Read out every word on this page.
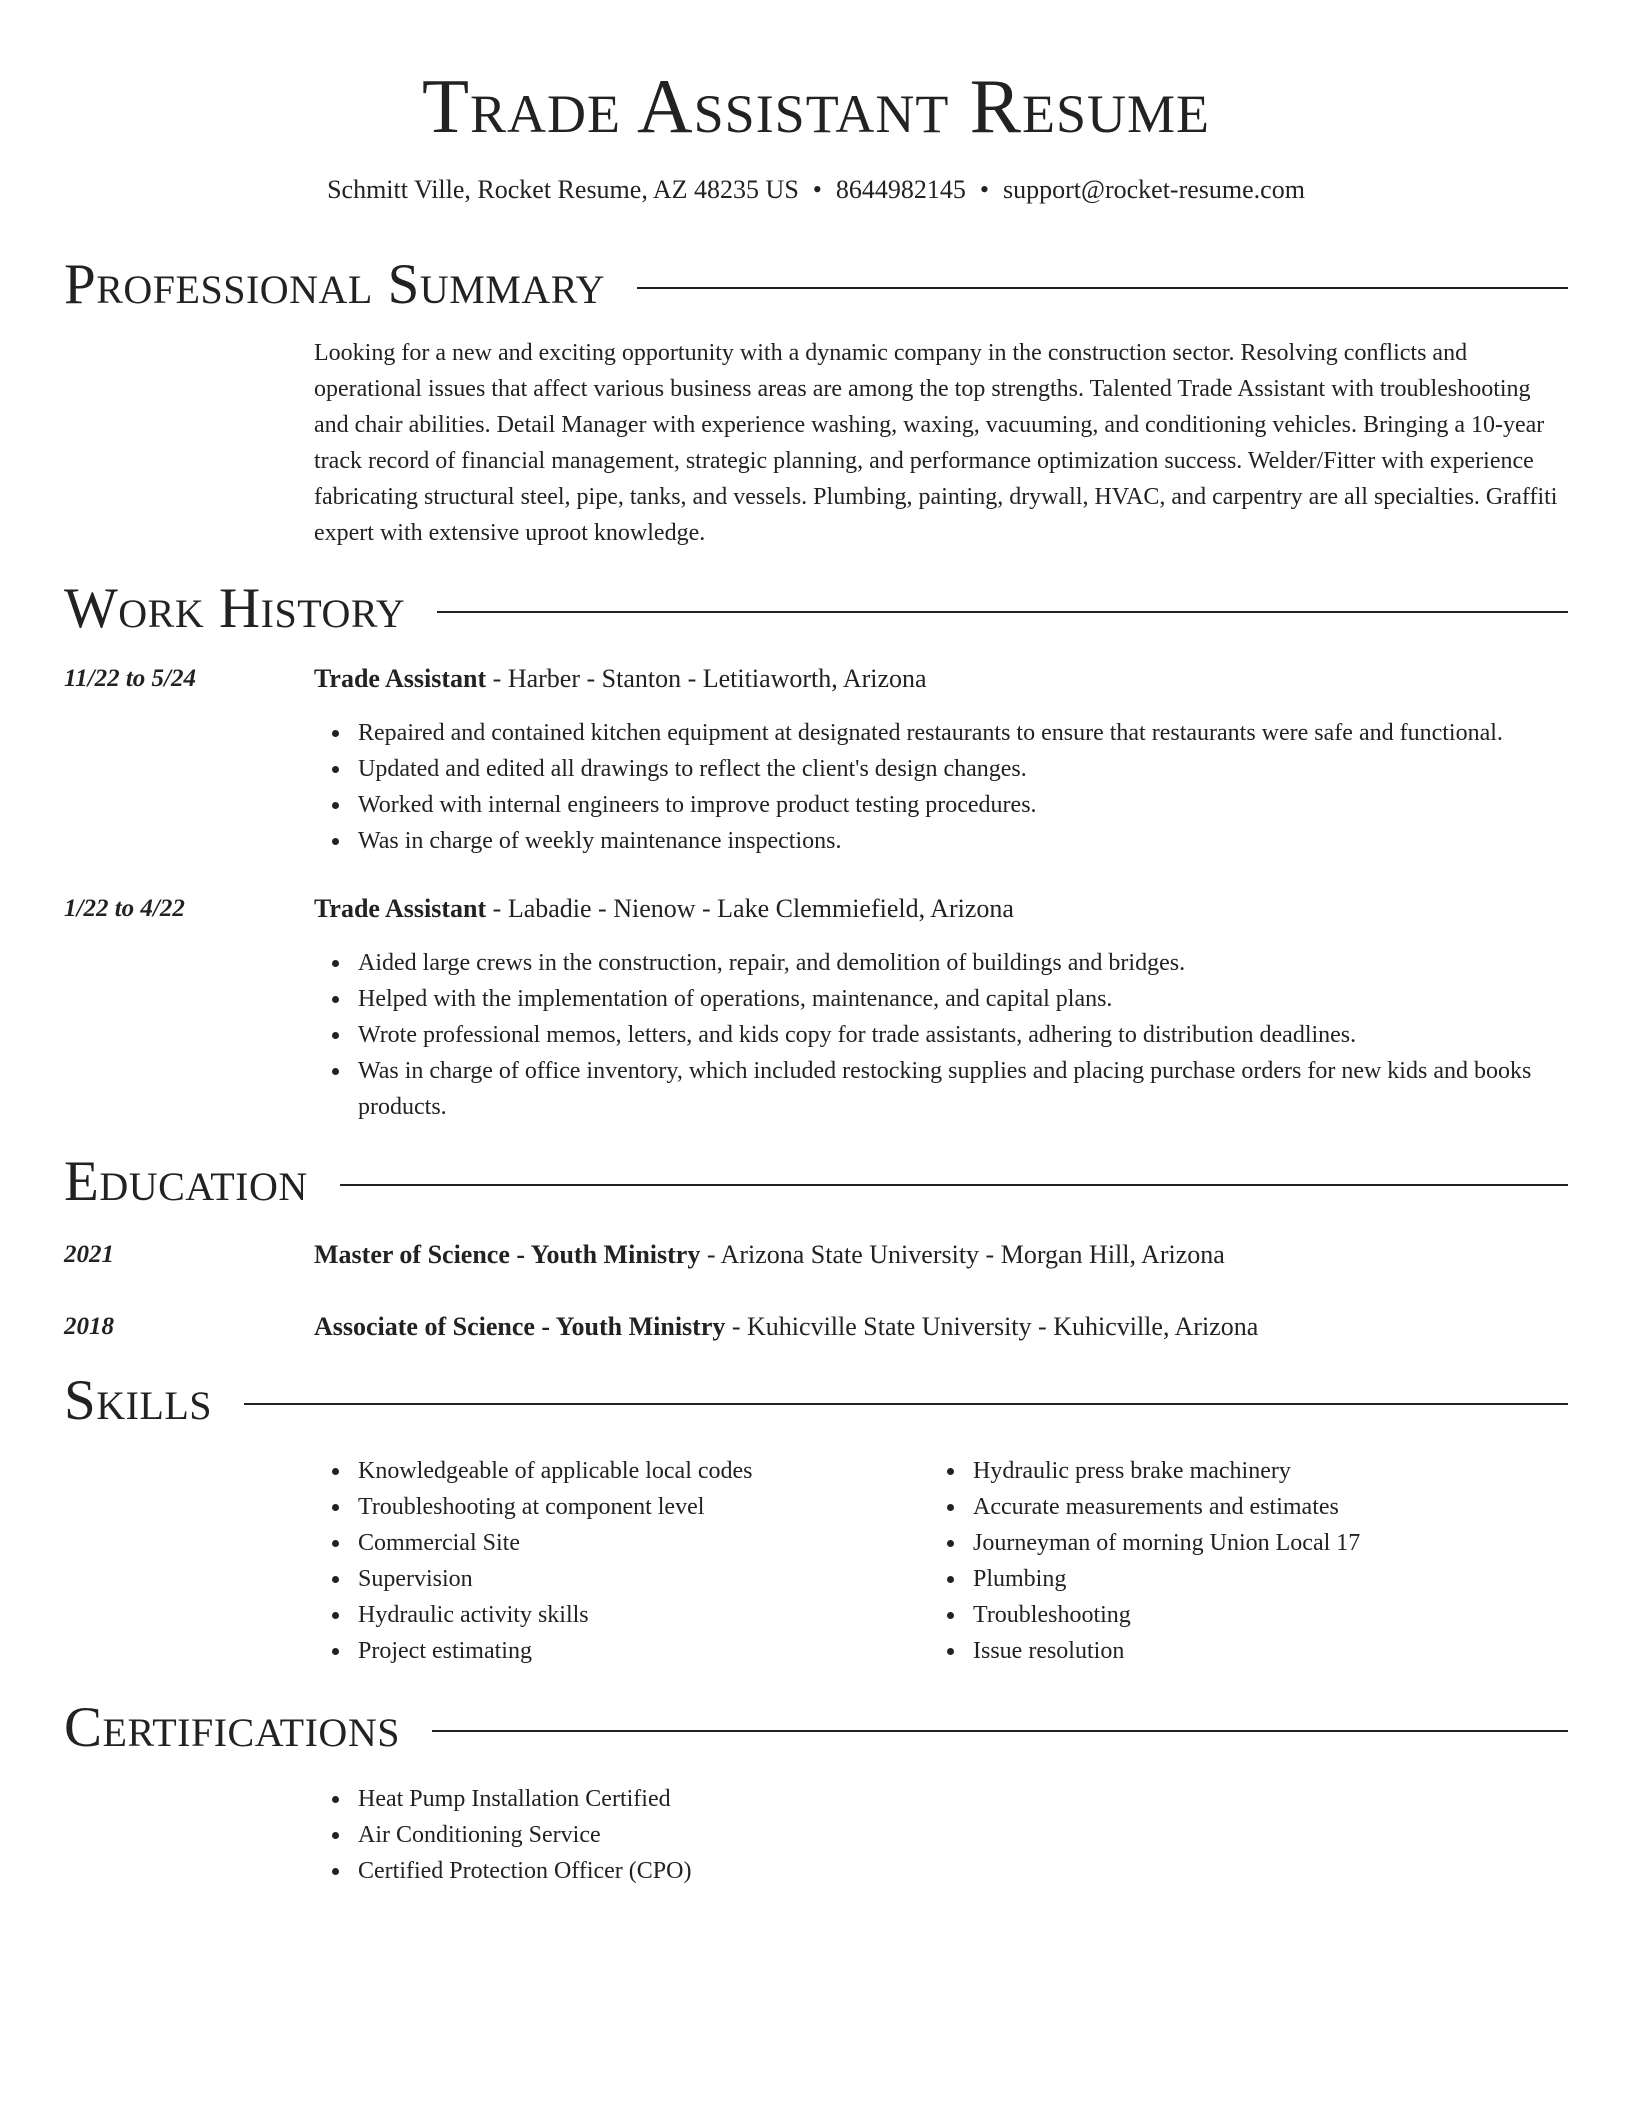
Trade Assistant Resume
Schmitt Ville, Rocket Resume, AZ 48235 US • 8644982145 • support@rocket-resume.com
Professional Summary
Looking for a new and exciting opportunity with a dynamic company in the construction sector. Resolving conflicts and operational issues that affect various business areas are among the top strengths. Talented Trade Assistant with troubleshooting and chair abilities. Detail Manager with experience washing, waxing, vacuuming, and conditioning vehicles. Bringing a 10-year track record of financial management, strategic planning, and performance optimization success. Welder/Fitter with experience fabricating structural steel, pipe, tanks, and vessels. Plumbing, painting, drywall, HVAC, and carpentry are all specialties. Graffiti expert with extensive uproot knowledge.
Work History
11/22 to 5/24	Trade Assistant - Harber - Stanton - Letitiaworth, Arizona
Repaired and contained kitchen equipment at designated restaurants to ensure that restaurants were safe and functional.
Updated and edited all drawings to reflect the client's design changes.
Worked with internal engineers to improve product testing procedures.
Was in charge of weekly maintenance inspections.
1/22 to 4/22	Trade Assistant - Labadie - Nienow - Lake Clemmiefield, Arizona
Aided large crews in the construction, repair, and demolition of buildings and bridges.
Helped with the implementation of operations, maintenance, and capital plans.
Wrote professional memos, letters, and kids copy for trade assistants, adhering to distribution deadlines.
Was in charge of office inventory, which included restocking supplies and placing purchase orders for new kids and books products.
Education
2021	Master of Science - Youth Ministry - Arizona State University - Morgan Hill, Arizona
2018	Associate of Science - Youth Ministry - Kuhicville State University - Kuhicville, Arizona
Skills
Knowledgeable of applicable local codes
Troubleshooting at component level
Commercial Site
Supervision
Hydraulic activity skills
Project estimating
Hydraulic press brake machinery
Accurate measurements and estimates
Journeyman of morning Union Local 17
Plumbing
Troubleshooting
Issue resolution
Certifications
Heat Pump Installation Certified
Air Conditioning Service
Certified Protection Officer (CPO)
